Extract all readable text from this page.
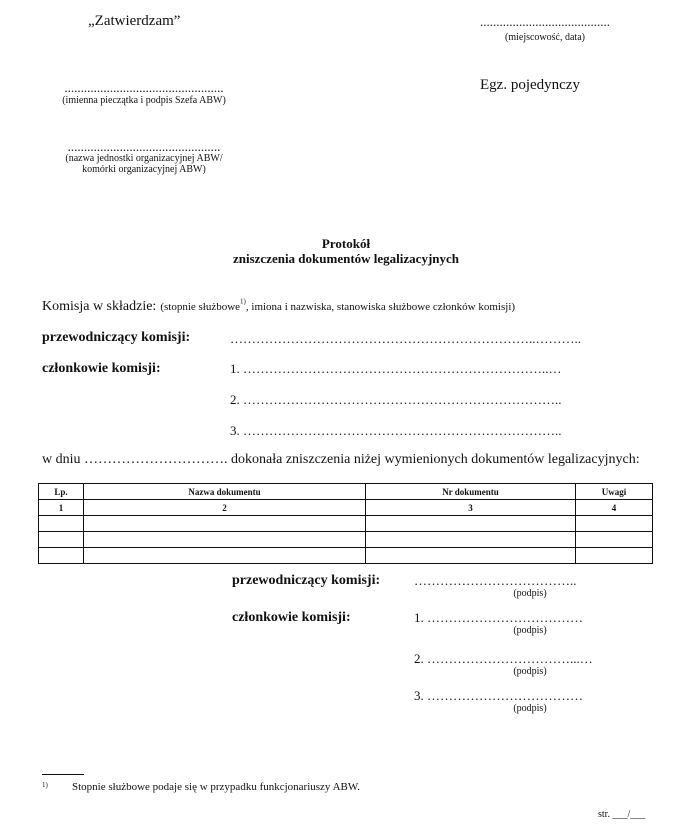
„Zatwierdzam”	........................................
(miejscowość, data)
Egz. pojedynczy
.................................................
(imienna pieczątka i podpis Szefa ABW)
...............................................
(nazwa jednostki organizacyjnej ABW/
komórki organizacyjnej ABW)
Protokół
zniszczenia dokumentów legalizacyjnych
Komisja w składzie: (stopnie służbowe$^{1)}$, imiona i nazwiska, stanowiska służbowe członków komisji)
przewodniczący komisji:	……………………………………………………………..………..
członkowie komisji:	1. ……………………………………………………………..…
2. ………………………………………………………………..
3. ………………………………………………………………..
w dniu …………………………. dokonała zniszczenia niżej wymienionych dokumentów legalizacyjnych:
Lp.	Nazwa dokumentu	Nr dokumentu	Uwagi
1	2	3	4

przewodniczący komisji:	………………………………..
(podpis)
członkowie komisji:	1. ………………………………
(podpis)
2. ……………………………...…
(podpis)
3. ………………………………
(podpis)
1) Stopnie służbowe podaje się w przypadku funkcjonariuszy ABW.
str. ___/___
